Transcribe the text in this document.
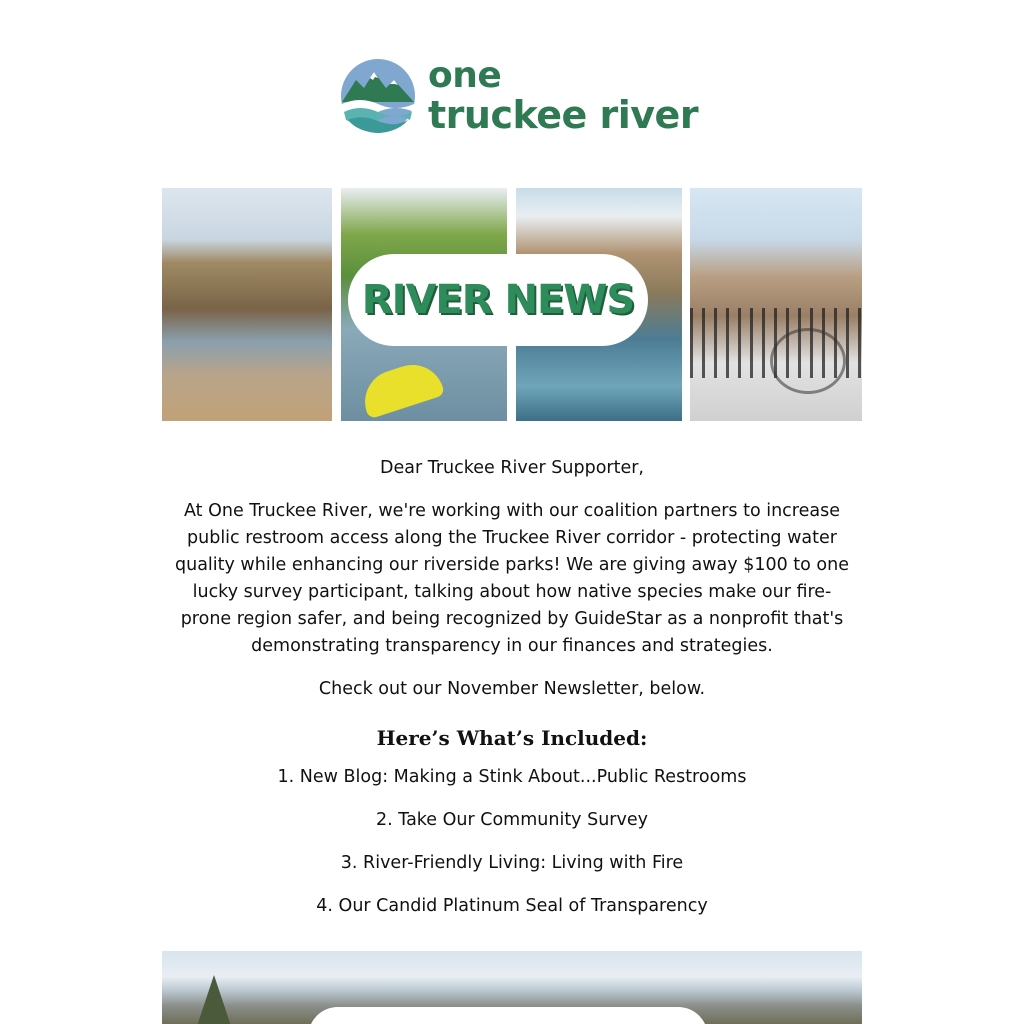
one
truckee river
RIVER NEWS

Dear Truckee River Supporter,

At One Truckee River, we're working with our coalition partners to increase public restroom access along the Truckee River corridor - protecting water quality while enhancing our riverside parks! We are giving away $100 to one lucky survey participant, talking about how native species make our fire-prone region safer, and being recognized by GuideStar as a nonprofit that's demonstrating transparency in our finances and strategies.

Check out our November Newsletter, below.

Here’s What’s Included:

1. New Blog: Making a Stink About...Public Restrooms

2. Take Our Community Survey

3. River-Friendly Living: Living with Fire

4. Our Candid Platinum Seal of Transparency
